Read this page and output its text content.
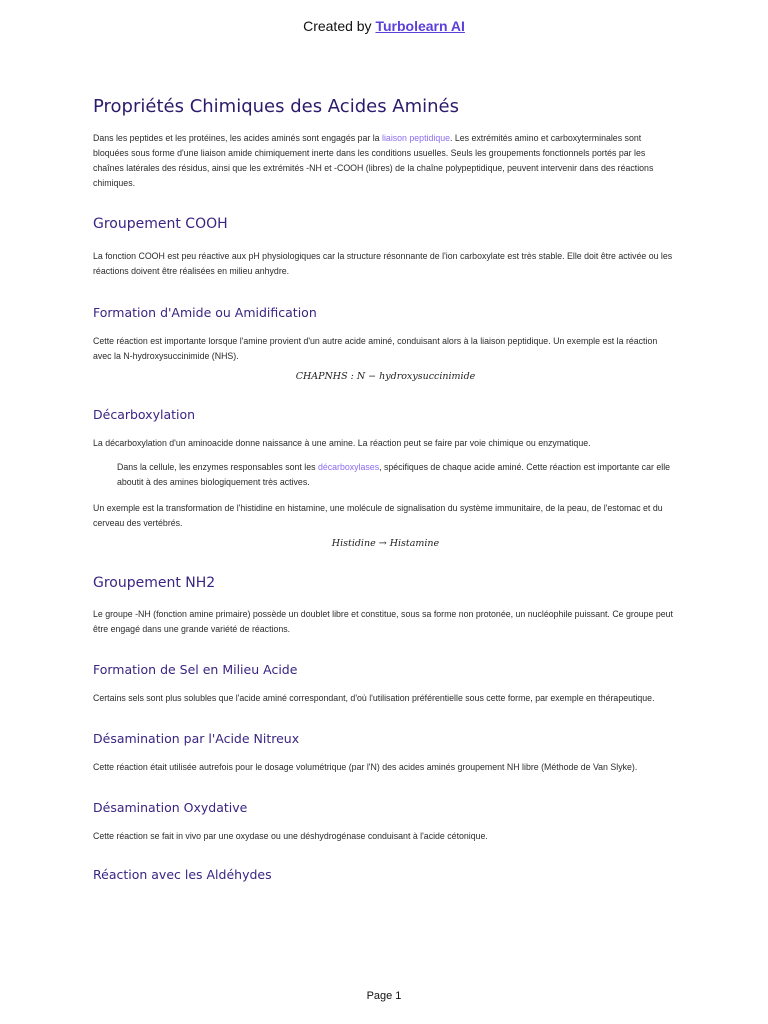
Created by Turbolearn AI
Propriétés Chimiques des Acides Aminés

Dans les peptides et les protéines, les acides aminés sont engagés par la liaison peptidique. Les extrémités amino et carboxyterminales sont bloquées sous forme d'une liaison amide chimiquement inerte dans les conditions usuelles. Seuls les groupements fonctionnels portés par les chaînes latérales des résidus, ainsi que les extrémités -NH et -COOH (libres) de la chaîne polypeptidique, peuvent intervenir dans des réactions chimiques.

Groupement COOH

La fonction COOH est peu réactive aux pH physiologiques car la structure résonnante de l'ion carboxylate est très stable. Elle doit être activée ou les réactions doivent être réalisées en milieu anhydre.

Formation d'Amide ou Amidification

Cette réaction est importante lorsque l'amine provient d'un autre acide aminé, conduisant alors à la liaison peptidique. Un exemple est la réaction avec la N-hydroxysuccinimide (NHS).

CHAPNHS : N − hydroxysuccinimide
Décarboxylation

La décarboxylation d'un aminoacide donne naissance à une amine. La réaction peut se faire par voie chimique ou enzymatique.

Dans la cellule, les enzymes responsables sont les décarboxylases, spécifiques de chaque acide aminé. Cette réaction est importante car elle aboutit à des amines biologiquement très actives.

Un exemple est la transformation de l'histidine en histamine, une molécule de signalisation du système immunitaire, de la peau, de l'estomac et du cerveau des vertébrés.

Histidine → Histamine
Groupement NH2

Le groupe -NH (fonction amine primaire) possède un doublet libre et constitue, sous sa forme non protonée, un nucléophile puissant. Ce groupe peut être engagé dans une grande variété de réactions.

Formation de Sel en Milieu Acide

Certains sels sont plus solubles que l'acide aminé correspondant, d'où l'utilisation préférentielle sous cette forme, par exemple en thérapeutique.

Désamination par l'Acide Nitreux

Cette réaction était utilisée autrefois pour le dosage volumétrique (par l'N) des acides aminés groupement NH libre (Méthode de Van Slyke).

Désamination Oxydative

Cette réaction se fait in vivo par une oxydase ou une déshydrogénase conduisant à l'acide cétonique.

Réaction avec les Aldéhydes
Page 1
